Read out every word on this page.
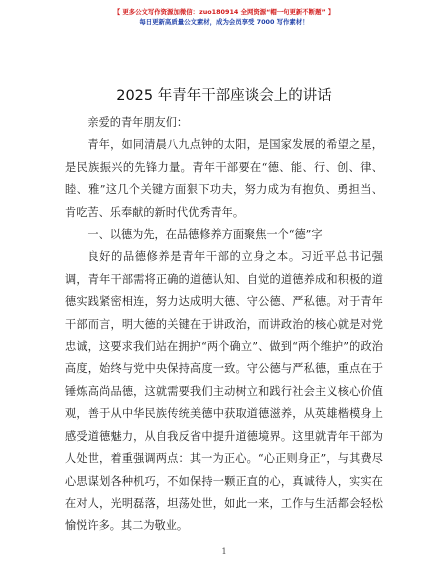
【 更多公文写作资源加微信：zuo180914 全网资源“帽一句更新不断题” 】
每日更新高质量公文素材，成为会员享受 7000 写作素材！
2025 年青年干部座谈会上的讲话

亲爱的青年朋友们：

青年，如同清晨八九点钟的太阳，是国家发展的希望之星，是民族振兴的先锋力量。青年干部要在“德、能、行、创、律、睦、雅”这几个关键方面狠下功夫，努力成为有抱负、勇担当、肯吃苦、乐奉献的新时代优秀青年。

一、以德为先，在品德修养方面聚焦一个“德”字

良好的品德修养是青年干部的立身之本。习近平总书记强调，青年干部需将正确的道德认知、自觉的道德养成和积极的道德实践紧密相连，努力达成明大德、守公德、严私德。对于青年干部而言，明大德的关键在于讲政治，而讲政治的核心就是对党忠诚，这要求我们站在拥护“两个确立”、做到“两个维护”的政治高度，始终与党中央保持高度一致。守公德与严私德，重点在于锤炼高尚品德，这就需要我们主动树立和践行社会主义核心价值观，善于从中华民族传统美德中获取道德滋养，从英雄楷模身上感受道德魅力，从自我反省中提升道德境界。这里就青年干部为人处世，着重强调两点：其一为正心。“心正则身正”，与其费尽心思谋划各种机巧，不如保持一颗正直的心，真诚待人，实实在在对人，光明磊落，坦荡处世，如此一来，工作与生活都会轻松愉悦许多。其二为敬业。

1
